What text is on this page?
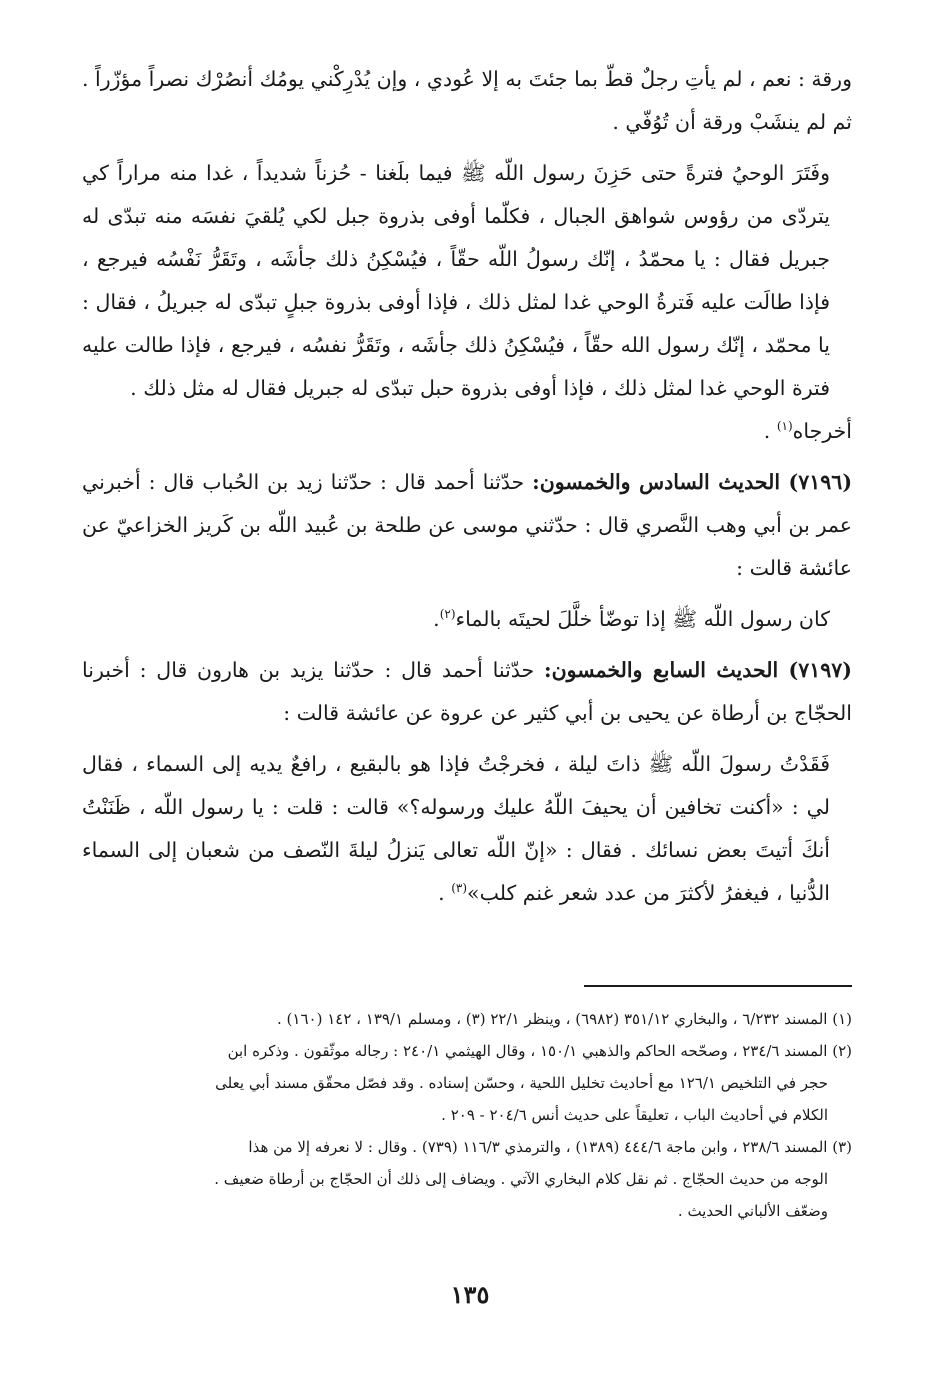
ورقة : نعم ، لم يأتِ رجلٌ قطّ بما جئتَ به إلا عُودي ، وإن يُدْرِكْني يومُك أنصُرْك نصراً مؤزّراً . ثم لم ينشَبْ ورقة أن تُوُفّي .

وفَتَرَ الوحيُ فترةً حتى حَزِنَ رسول اللّه ﷺ فيما بلَغنا - حُزناً شديداً ، غدا منه مراراً كي يتردّى من رؤوس شواهق الجبال ، فكلّما أوفى بذروة جبل لكي يُلقيَ نفسَه منه تبدّى له جبريل فقال : يا محمّدُ ، إنّك رسولُ اللّه حقّاً ، فيُسْكِنُ ذلك جأشَه ، وتَقَرُّ نَفْسُه فيرجع ، فإذا طالَت عليه فَترةُ الوحي غدا لمثل ذلك ، فإذا أوفى بذروة جبلٍ تبدّى له جبريلُ ، فقال : يا محمّد ، إنّك رسول الله حقّاً ، فيُسْكِنُ ذلك جأشَه ، وتَقَرُّ نفسُه ، فيرجع ، فإذا طالت عليه فترة الوحي غدا لمثل ذلك ، فإذا أوفى بذروة حبل تبدّى له جبريل فقال له مثل ذلك .

أخرجاه$^{(١)}$ .

(٧١٩٦) الحديث السادس والخمسون: حدّثنا أحمد قال : حدّثنا زيد بن الحُباب قال : أخبرني عمر بن أبي وهب النَّصري قال : حدّثني موسى عن طلحة بن عُبيد اللّه بن كَريز الخزاعيّ عن عائشة قالت :

كان رسول اللّه ﷺ إذا توضّأ خلَّلَ لحيتَه بالماء$^{(٢)}$.

(٧١٩٧) الحديث السابع والخمسون: حدّثنا أحمد قال : حدّثنا يزيد بن هارون قال : أخبرنا الحجّاج بن أرطاة عن يحيى بن أبي كثير عن عروة عن عائشة قالت :

فَقَدْتُ رسولَ اللّه ﷺ ذاتَ ليلة ، فخرجْتُ فإذا هو بالبقيع ، رافعٌ يديه إلى السماء ، فقال لي : «أكنت تخافين أن يحيفَ اللّهُ عليك ورسوله؟» قالت : قلت : يا رسول اللّه ، ظَنَنْتُ أنكَ أتيتَ بعض نسائك . فقال : «إنّ اللّه تعالى يَنزلُ ليلةَ النّصف من شعبان إلى السماء الدُّنيا ، فيغفرُ لأكثرَ من عدد شعر غنم كلب»$^{(٣)}$ .

(١) المسند ٦/٢٣٢ ، والبخاري ٣٥١/١٢ (٦٩٨٢) ، وينظر ٢٢/١ (٣) ، ومسلم ١٣٩/١ ، ١٤٢ (١٦٠) .

(٢) المسند ٢٣٤/٦ ، وصحّحه الحاكم والذهبي ١٥٠/١ ، وقال الهيثمي ٢٤٠/١ : رجاله موثّقون . وذكره ابن

حجر في التلخيص ١٢٦/١ مع أحاديث تخليل اللحية ، وحسّن إسناده . وقد فصّل محقّق مسند أبي يعلى

الكلام في أحاديث الباب ، تعليقاً على حديث أنس ٢٠٤/٦ - ٢٠٩ .

(٣) المسند ٢٣٨/٦ ، وابن ماجة ٤٤٤/٦ (١٣٨٩) ، والترمذي ١١٦/٣ (٧٣٩) . وقال : لا نعرفه إلا من هذا

الوجه من حديث الحجّاج . ثم نقل كلام البخاري الآتي . ويضاف إلى ذلك أن الحجّاج بن أرطاة ضعيف .

وضعّف الألباني الحديث .

١٣٥
